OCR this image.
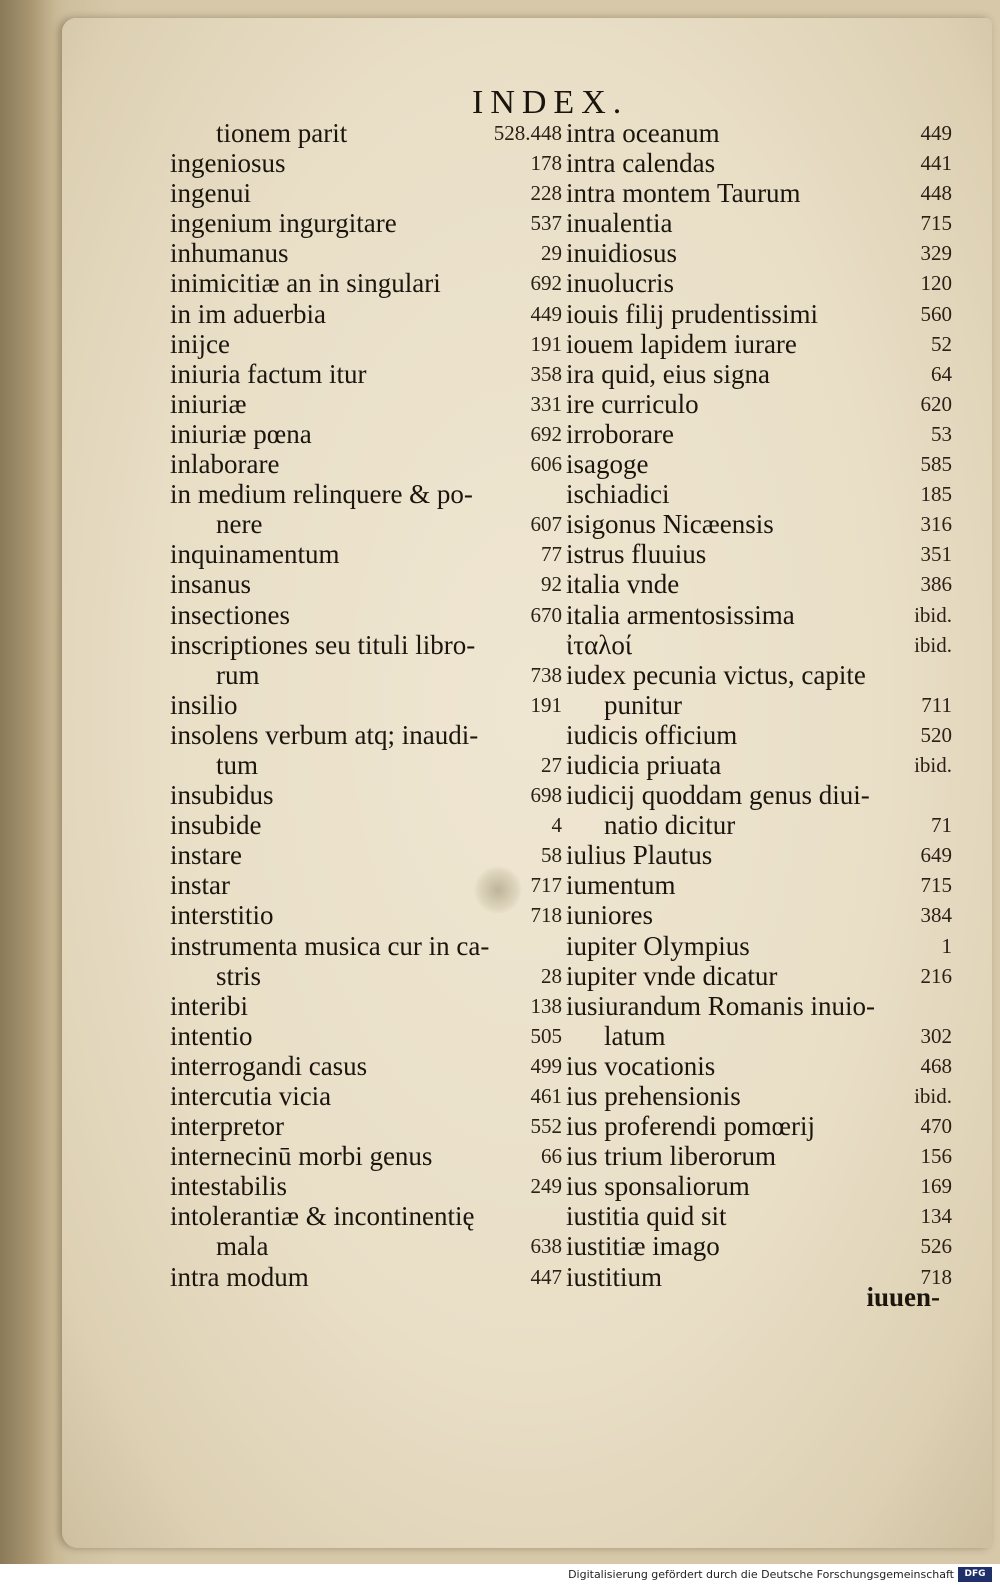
INDEX.
tionem parit	528.448
ingeniosus	178
ingenui	228
ingenium ingurgitare	537
inhumanus	29
inimicitiæ an in singulari	692
in im aduerbia	449
inijce	191
iniuria factum itur	358
iniuriæ	331
iniuriæ pœna	692
inlaborare	606
in medium relinquere & po-
nere	607
inquinamentum	77
insanus	92
insectiones	670
inscriptiones seu tituli libro-
rum	738
insilio	191
insolens verbum atq; inaudi-
tum	27
insubidus	698
insubide	4
instare	58
instar	717
interstitio	718
instrumenta musica cur in ca-
stris	28
interibi	138
intentio	505
interrogandi casus	499
intercutia vicia	461
interpretor	552
internecinū morbi genus	66
intestabilis	249
intolerantiæ & incontinentię
mala	638
intra modum	447
intra oceanum	449
intra calendas	441
intra montem Taurum	448
inualentia	715
inuidiosus	329
inuolucris	120
iouis filij prudentissimi	560
iouem lapidem iurare	52
ira quid, eius signa	64
ire curriculo	620
irroborare	53
isagoge	585
ischiadici	185
isigonus Nicæensis	316
istrus fluuius	351
italia vnde	386
italia armentosissima	ibid.
ἰταλοί	ibid.
iudex pecunia victus, capite
punitur	711
iudicis officium	520
iudicia priuata	ibid.
iudicij quoddam genus diui-
natio dicitur	71
iulius Plautus	649
iumentum	715
iuniores	384
iupiter Olympius	1
iupiter vnde dicatur	216
iusiurandum Romanis inuio-
latum	302
ius vocationis	468
ius prehensionis	ibid.
ius proferendi pomœrij	470
ius trium liberorum	156
ius sponsaliorum	169
iustitia quid sit	134
iustitiæ imago	526
iustitium	718
iuuen-
Digitalisierung gefördert durch die Deutsche Forschungsgemeinschaft	DFG
